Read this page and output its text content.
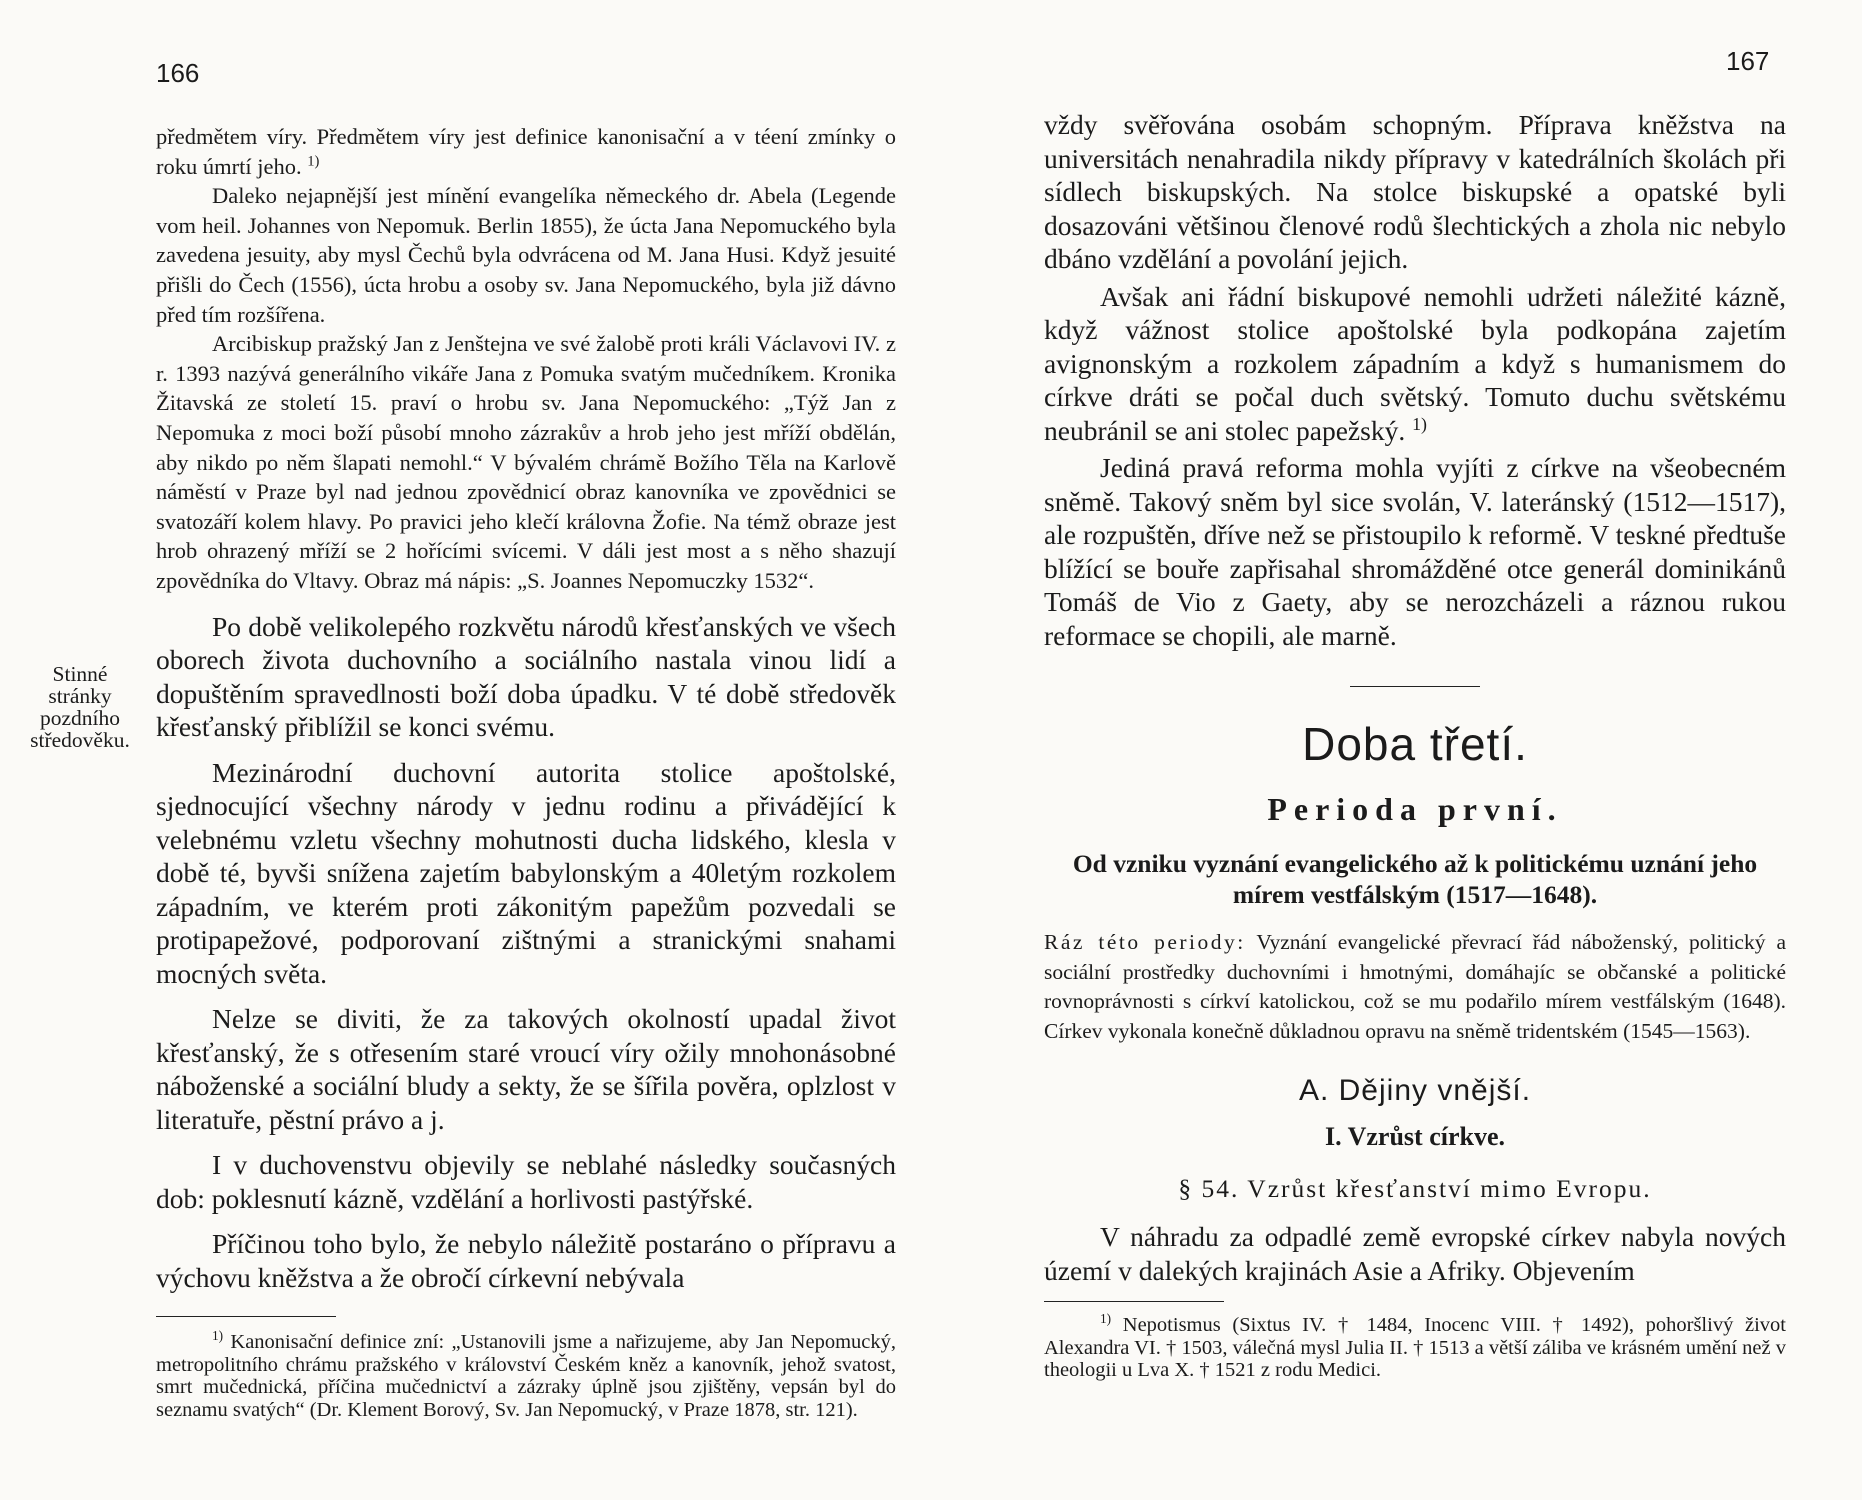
166
Stinné stránky pozdního středověku.

předmětem víry. Předmětem víry jest definice kanonisační a v téení zmínky o roku úmrtí jeho. $^{1)}$

Daleko nejapnější jest mínění evangelíka německého dr. Abela (Legende vom heil. Johannes von Nepomuk. Berlin 1855), že úcta Jana Nepomuckého byla zavedena jesuity, aby mysl Čechů byla odvrácena od M. Jana Husi. Když jesuité přišli do Čech (1556), úcta hrobu a osoby sv. Jana Nepomuckého, byla již dávno před tím rozšířena.

Arcibiskup pražský Jan z Jenštejna ve své žalobě proti králi Václavovi IV. z r. 1393 nazývá generálního vikáře Jana z Pomuka svatým mučedníkem. Kronika Žitavská ze století 15. praví o hrobu sv. Jana Nepomuckého: „Týž Jan z Nepomuka z moci boží působí mnoho zázrakův a hrob jeho jest mříží obdělán, aby nikdo po něm šlapati nemohl.“ V bývalém chrámě Božího Těla na Karlově náměstí v Praze byl nad jednou zpovědnicí obraz kanovníka ve zpovědnici se svatozáří kolem hlavy. Po pravici jeho klečí královna Žofie. Na témž obraze jest hrob ohrazený mříží se 2 hořícími svícemi. V dáli jest most a s něho shazují zpovědníka do Vltavy. Obraz má nápis: „S. Joannes Nepomuczky 1532“.

Po době velikolepého rozkvětu národů křesťanských ve všech oborech života duchovního a sociálního nastala vinou lidí a dopuštěním spravedlnosti boží doba úpadku. V té době středověk křesťanský přiblížil se konci svému.

Mezinárodní duchovní autorita stolice apoštolské, sjednocující všechny národy v jednu rodinu a přivádějící k velebnému vzletu všechny mohutnosti ducha lidského, klesla v době té, byvši snížena zajetím babylonským a 40letým rozkolem západním, ve kterém proti zákonitým papežům pozvedali se protipapežové, podporovaní zištnými a stranickými snahami mocných světa.

Nelze se diviti, že za takových okolností upadal život křesťanský, že s otřesením staré vroucí víry ožily mnohonásobné náboženské a sociální bludy a sekty, že se šířila pověra, oplzlost v literatuře, pěstní právo a j.

I v duchovenstvu objevily se neblahé následky současných dob: poklesnutí kázně, vzdělání a horlivosti pastýřské.

Příčinou toho bylo, že nebylo náležitě postaráno o přípravu a výchovu kněžstva a že obročí církevní nebývala

$^{1)}$ Kanonisační definice zní: „Ustanovili jsme a nařizujeme, aby Jan Nepomucký, metropolitního chrámu pražského v království Českém kněz a kanovník, jehož svatost, smrt mučednická, příčina mučednictví a zázraky úplně jsou zjištěny, vepsán byl do seznamu svatých“ (Dr. Klement Borový, Sv. Jan Nepomucký, v Praze 1878, str. 121).

167

vždy svěřována osobám schopným. Příprava kněžstva na universitách nenahradila nikdy přípravy v katedrálních školách při sídlech biskupských. Na stolce biskupské a opatské byli dosazováni většinou členové rodů šlechtických a zhola nic nebylo dbáno vzdělání a povolání jejich.

Avšak ani řádní biskupové nemohli udržeti náležité kázně, když vážnost stolice apoštolské byla podkopána zajetím avignonským a rozkolem západním a když s humanismem do církve dráti se počal duch světský. Tomuto duchu světskému neubránil se ani stolec papežský. $^{1)}$

Jediná pravá reforma mohla vyjíti z církve na všeobecném sněmě. Takový sněm byl sice svolán, V. lateránský (1512—1517), ale rozpuštěn, dříve než se přistoupilo k reformě. V teskné předtuše blížící se bouře zapřisahal shromážděné otce generál dominikánů Tomáš de Vio z Gaety, aby se nerozcházeli a ráznou rukou reformace se chopili, ale marně.

Doba třetí.
Perioda první.
Od vzniku vyznání evangelického až k politickému uznání jeho mírem vestfálským (1517—1648).

Ráz této periody: Vyznání evangelické převrací řád náboženský, politický a sociální prostředky duchovními i hmotnými, domáhajíc se občanské a politické rovnoprávnosti s církví katolickou, což se mu podařilo mírem vestfálským (1648). Církev vykonala konečně důkladnou opravu na sněmě tridentském (1545—1563).

A. Dějiny vnější.
I. Vzrůst církve.
§ 54. Vzrůst křesťanství mimo Evropu.

V náhradu za odpadlé země evropské církev nabyla nových území v dalekých krajinách Asie a Afriky. Objevením

$^{1)}$ Nepotismus (Sixtus IV. † 1484, Inocenc VIII. † 1492), pohoršlivý život Alexandra VI. † 1503, válečná mysl Julia II. † 1513 a větší záliba ve krásném umění než v theologii u Lva X. † 1521 z rodu Medici.
